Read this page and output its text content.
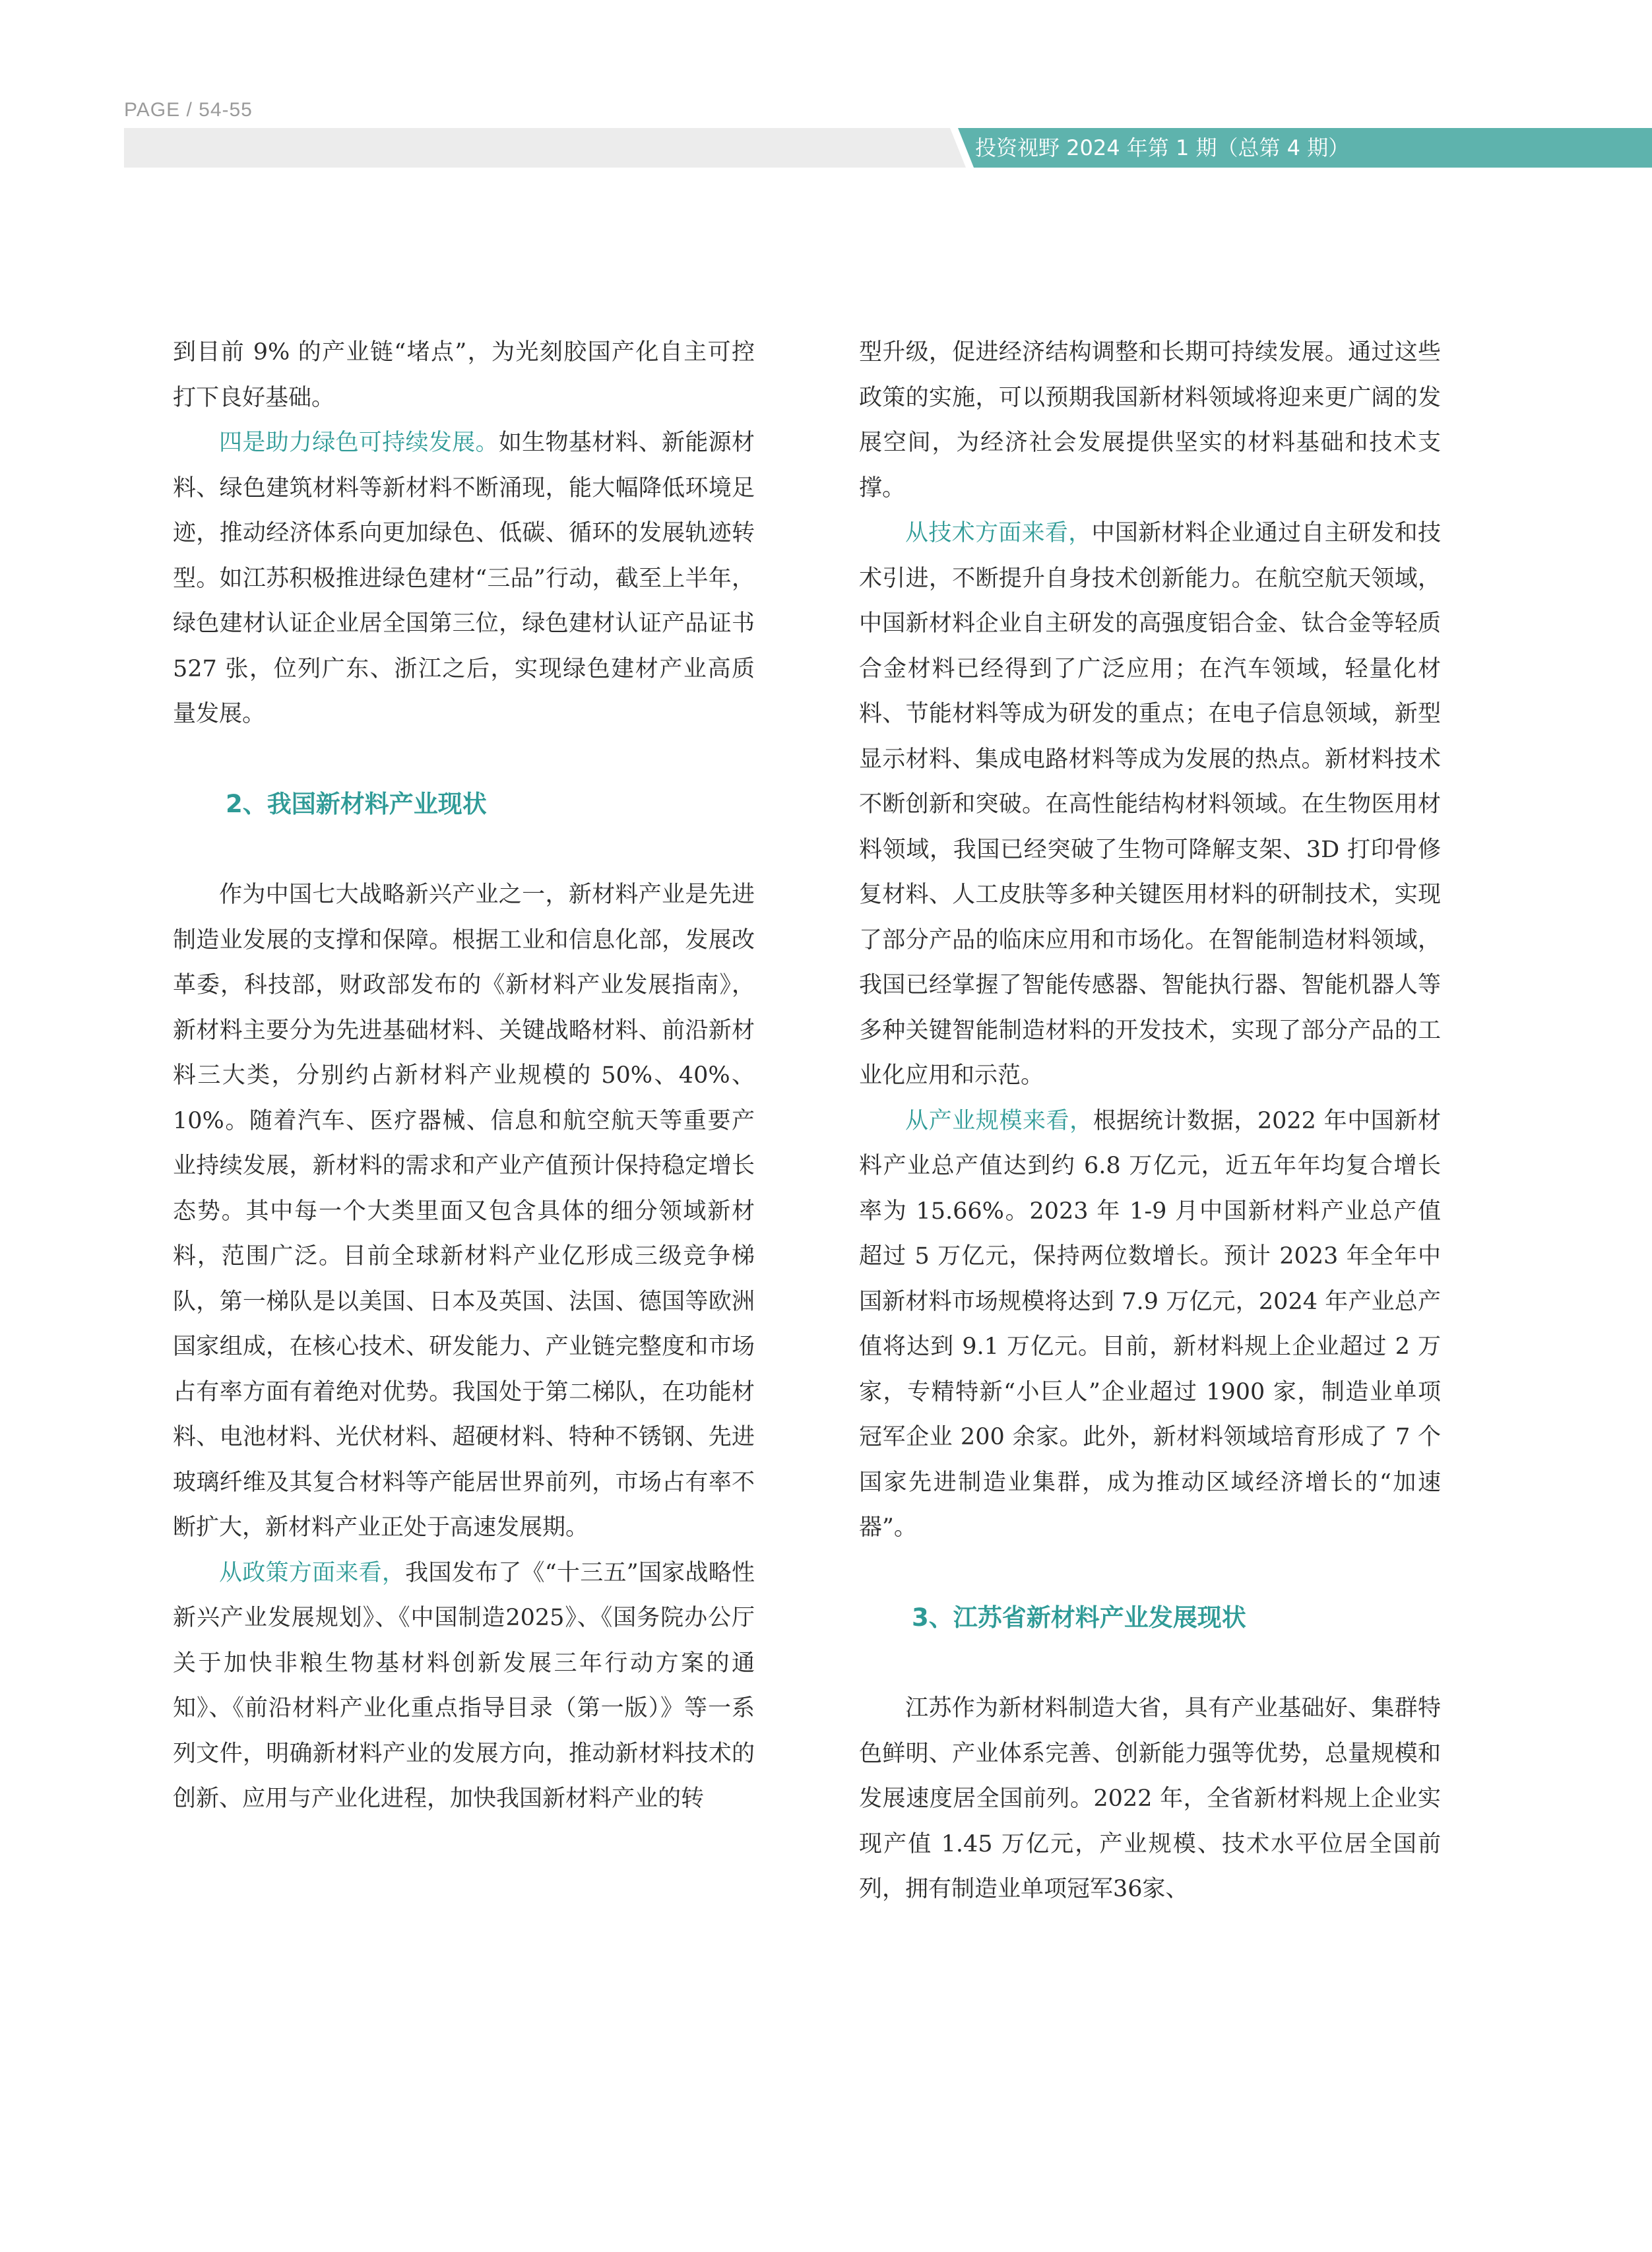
PAGE / 54-55
投资视野 2024 年第 1 期（总第 4 期）

到目前 9% 的产业链“堵点”，为光刻胶国产化自主可控打下良好基础。

四是助力绿色可持续发展。如生物基材料、新能源材料、绿色建筑材料等新材料不断涌现，能大幅降低环境足迹，推动经济体系向更加绿色、低碳、循环的发展轨迹转型。如江苏积极推进绿色建材“三品”行动，截至上半年，绿色建材认证企业居全国第三位，绿色建材认证产品证书 527 张，位列广东、浙江之后，实现绿色建材产业高质量发展。

2、我国新材料产业现状

作为中国七大战略新兴产业之一，新材料产业是先进制造业发展的支撑和保障。根据工业和信息化部，发展改革委，科技部，财政部发布的《新材料产业发展指南》，新材料主要分为先进基础材料、关键战略材料、前沿新材料三大类，分别约占新材料产业规模的 50%、40%、10%。随着汽车、医疗器械、信息和航空航天等重要产业持续发展，新材料的需求和产业产值预计保持稳定增长态势。其中每一个大类里面又包含具体的细分领域新材料，范围广泛。目前全球新材料产业亿形成三级竞争梯队，第一梯队是以美国、日本及英国、法国、德国等欧洲国家组成，在核心技术、研发能力、产业链完整度和市场占有率方面有着绝对优势。我国处于第二梯队，在功能材料、电池材料、光伏材料、超硬材料、特种不锈钢、先进玻璃纤维及其复合材料等产能居世界前列，市场占有率不断扩大，新材料产业正处于高速发展期。

从政策方面来看，我国发布了《“十三五”国家战略性新兴产业发展规划》、《中国制造2025》、《国务院办公厅关于加快非粮生物基材料创新发展三年行动方案的通知》、《前沿材料产业化重点指导目录（第一版）》等一系列文件，明确新材料产业的发展方向，推动新材料技术的创新、应用与产业化进程，加快我国新材料产业的转

型升级，促进经济结构调整和长期可持续发展。通过这些政策的实施，可以预期我国新材料领域将迎来更广阔的发展空间，为经济社会发展提供坚实的材料基础和技术支撑。

从技术方面来看，中国新材料企业通过自主研发和技术引进，不断提升自身技术创新能力。在航空航天领域，中国新材料企业自主研发的高强度铝合金、钛合金等轻质合金材料已经得到了广泛应用；在汽车领域，轻量化材料、节能材料等成为研发的重点；在电子信息领域，新型显示材料、集成电路材料等成为发展的热点。新材料技术不断创新和突破。在高性能结构材料领域。在生物医用材料领域，我国已经突破了生物可降解支架、3D 打印骨修复材料、人工皮肤等多种关键医用材料的研制技术，实现了部分产品的临床应用和市场化。在智能制造材料领域，我国已经掌握了智能传感器、智能执行器、智能机器人等多种关键智能制造材料的开发技术，实现了部分产品的工业化应用和示范。

从产业规模来看，根据统计数据，2022 年中国新材料产业总产值达到约 6.8 万亿元，近五年年均复合增长率为 15.66%。2023 年 1-9 月中国新材料产业总产值超过 5 万亿元，保持两位数增长。预计 2023 年全年中国新材料市场规模将达到 7.9 万亿元，2024 年产业总产值将达到 9.1 万亿元。目前，新材料规上企业超过 2 万家，专精特新“小巨人”企业超过 1900 家，制造业单项冠军企业 200 余家。此外，新材料领域培育形成了 7 个国家先进制造业集群，成为推动区域经济增长的“加速器”。

3、江苏省新材料产业发展现状

江苏作为新材料制造大省，具有产业基础好、集群特色鲜明、产业体系完善、创新能力强等优势，总量规模和发展速度居全国前列。2022 年，全省新材料规上企业实现产值 1.45 万亿元，产业规模、技术水平位居全国前列，拥有制造业单项冠军36家、
